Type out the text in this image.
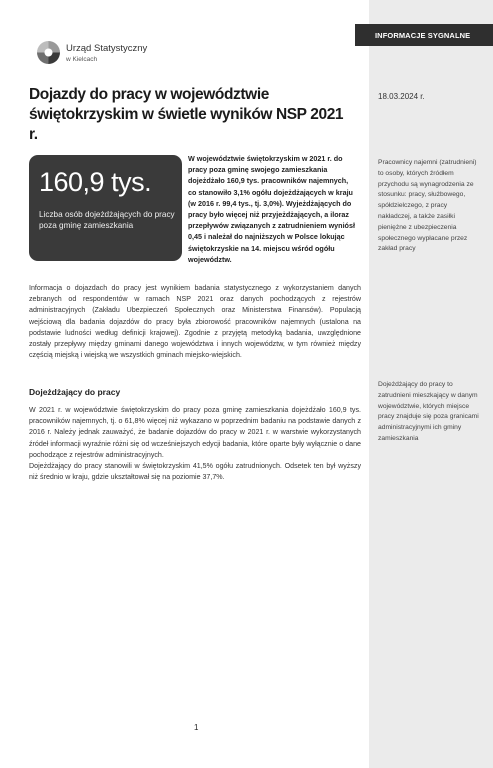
INFORMACJE SYGNALNE
Urząd Statystyczny
w Kielcach
Dojazdy do pracy w województwie świętokrzyskim w świetle wyników NSP 2021 r.
18.03.2024 r.
160,9 tys.
Liczba osób dojeżdżających do pracy poza gminę zamieszkania

W województwie świętokrzyskim w 2021 r. do pracy poza gminę swojego zamieszkania dojeżdżało 160,9 tys. pracowników najemnych, co stanowiło 3,1% ogółu dojeżdżających w kraju (w 2016 r. 99,4 tys., tj. 3,0%). Wyjeżdżających do pracy było więcej niż przyjeżdżających, a iloraz przepływów związanych z zatrudnieniem wyniósł 0,45 i należał do najniższych w Polsce lokując świętokrzyskie na 14. miejscu wśród ogółu województw.

Informacja o dojazdach do pracy jest wynikiem badania statystycznego z wykorzystaniem danych zebranych od respondentów w ramach NSP 2021 oraz danych pochodzących z rejestrów administracyjnych (Zakładu Ubezpieczeń Społecznych oraz Ministerstwa Finansów). Populacją wejściową dla badania dojazdów do pracy była zbiorowość pracowników najemnych (ustalona na podstawie ludności według definicji krajowej). Zgodnie z przyjętą metodyką badania, uwzględnione zostały przepływy między gminami danego województwa i innych województw, w tym również między częścią miejską i wiejską we wszystkich gminach miejsko-wiejskich.

Dojeżdżający do pracy

W 2021 r. w województwie świętokrzyskim do pracy poza gminę zamieszkania dojeżdżało 160,9 tys. pracowników najemnych, tj. o 61,8% więcej niż wykazano w poprzednim badaniu na podstawie danych z 2016 r. Należy jednak zauważyć, że badanie dojazdów do pracy w 2021 r. w warstwie wykorzystanych źródeł informacji wyraźnie różni się od wcześniejszych edycji badania, które oparte były wyłącznie o dane pochodzące z rejestrów administracyjnych.

Dojeżdżający do pracy stanowili w świętokrzyskim 41,5% ogółu zatrudnionych. Odsetek ten był wyższy niż średnio w kraju, gdzie ukształtował się na poziomie 37,7%.

Pracownicy najemni (zatrudnieni) to osoby, których źródłem przychodu są wynagrodzenia ze stosunku: pracy, służbowego, spółdzielczego, z pracy nakładczej, a także zasiłki pieniężne z ubezpieczenia społecznego wypłacane przez zakład pracy

Dojeżdżający do pracy to zatrudnieni mieszkający w danym województwie, których miejsce pracy znajduje się poza granicami administracyjnymi ich gminy zamieszkania

1
